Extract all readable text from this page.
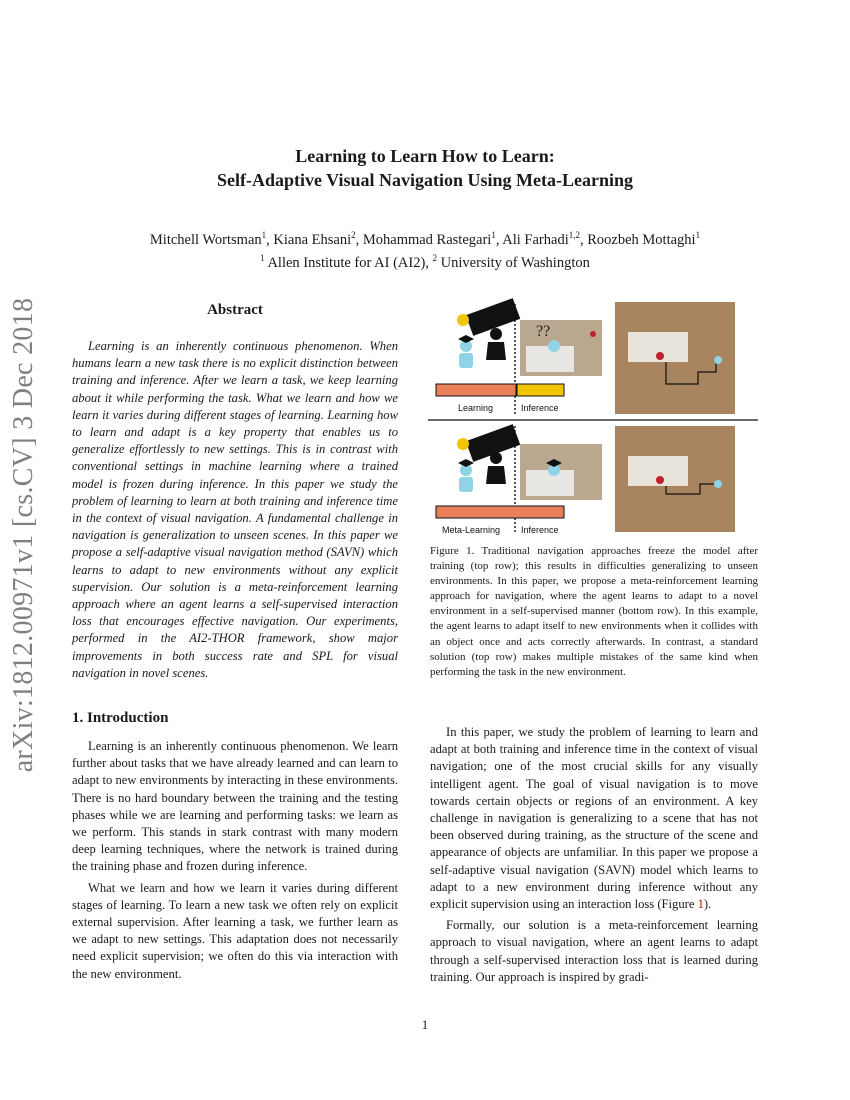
arXiv:1812.00971v1 [cs.CV] 3 Dec 2018
Learning to Learn How to Learn:
Self-Adaptive Visual Navigation Using Meta-Learning
Mitchell Wortsman$^1$, Kiana Ehsani$^2$, Mohammad Rastegari$^1$, Ali Farhadi$^{1,2}$, Roozbeh Mottaghi$^1$
$^1$ Allen Institute for AI (AI2), $^2$ University of Washington
Abstract
Learning is an inherently continuous phenomenon. When humans learn a new task there is no explicit distinction between training and inference. After we learn a task, we keep learning about it while performing the task. What we learn and how we learn it varies during different stages of learning. Learning how to learn and adapt is a key property that enables us to generalize effortlessly to new settings. This is in contrast with conventional settings in machine learning where a trained model is frozen during inference. In this paper we study the problem of learning to learn at both training and inference time in the context of visual navigation. A fundamental challenge in navigation is generalization to unseen scenes. In this paper we propose a self-adaptive visual navigation method (SAVN) which learns to adapt to new environments without any explicit supervision. Our solution is a meta-reinforcement learning approach where an agent learns a self-supervised interaction loss that encourages effective navigation. Our experiments, performed in the AI2-THOR framework, show major improvements in both success rate and SPL for visual navigation in novel scenes.
1. Introduction

Learning is an inherently continuous phenomenon. We learn further about tasks that we have already learned and can learn to adapt to new environments by interacting in these environments. There is no hard boundary between the training and the testing phases while we are learning and performing tasks: we learn as we perform. This stands in stark contrast with many modern deep learning techniques, where the network is trained during the training phase and frozen during inference.

What we learn and how we learn it varies during different stages of learning. To learn a new task we often rely on explicit external supervision. After learning a task, we further learn as we adapt to new settings. This adaptation does not necessarily need explicit supervision; we often do this via interaction with the new environment.

??
Learning	Inference
Meta-Learning Inference
Figure 1. Traditional navigation approaches freeze the model after training (top row); this results in difficulties generalizing to unseen environments. In this paper, we propose a meta-reinforcement learning approach for navigation, where the agent learns to adapt to a novel environment in a self-supervised manner (bottom row). In this example, the agent learns to adapt itself to new environments when it collides with an object once and acts correctly afterwards. In contrast, a standard solution (top row) makes multiple mistakes of the same kind when performing the task in the new environment.

In this paper, we study the problem of learning to learn and adapt at both training and inference time in the context of visual navigation; one of the most crucial skills for any visually intelligent agent. The goal of visual navigation is to move towards certain objects or regions of an environment. A key challenge in navigation is generalizing to a scene that has not been observed during training, as the structure of the scene and appearance of objects are unfamiliar. In this paper we propose a self-adaptive visual navigation (SAVN) model which learns to adapt to a new environment during inference without any explicit supervision using an interaction loss (Figure 1).

Formally, our solution is a meta-reinforcement learning approach to visual navigation, where an agent learns to adapt through a self-supervised interaction loss that is learned during training. Our approach is inspired by gradi-

1
